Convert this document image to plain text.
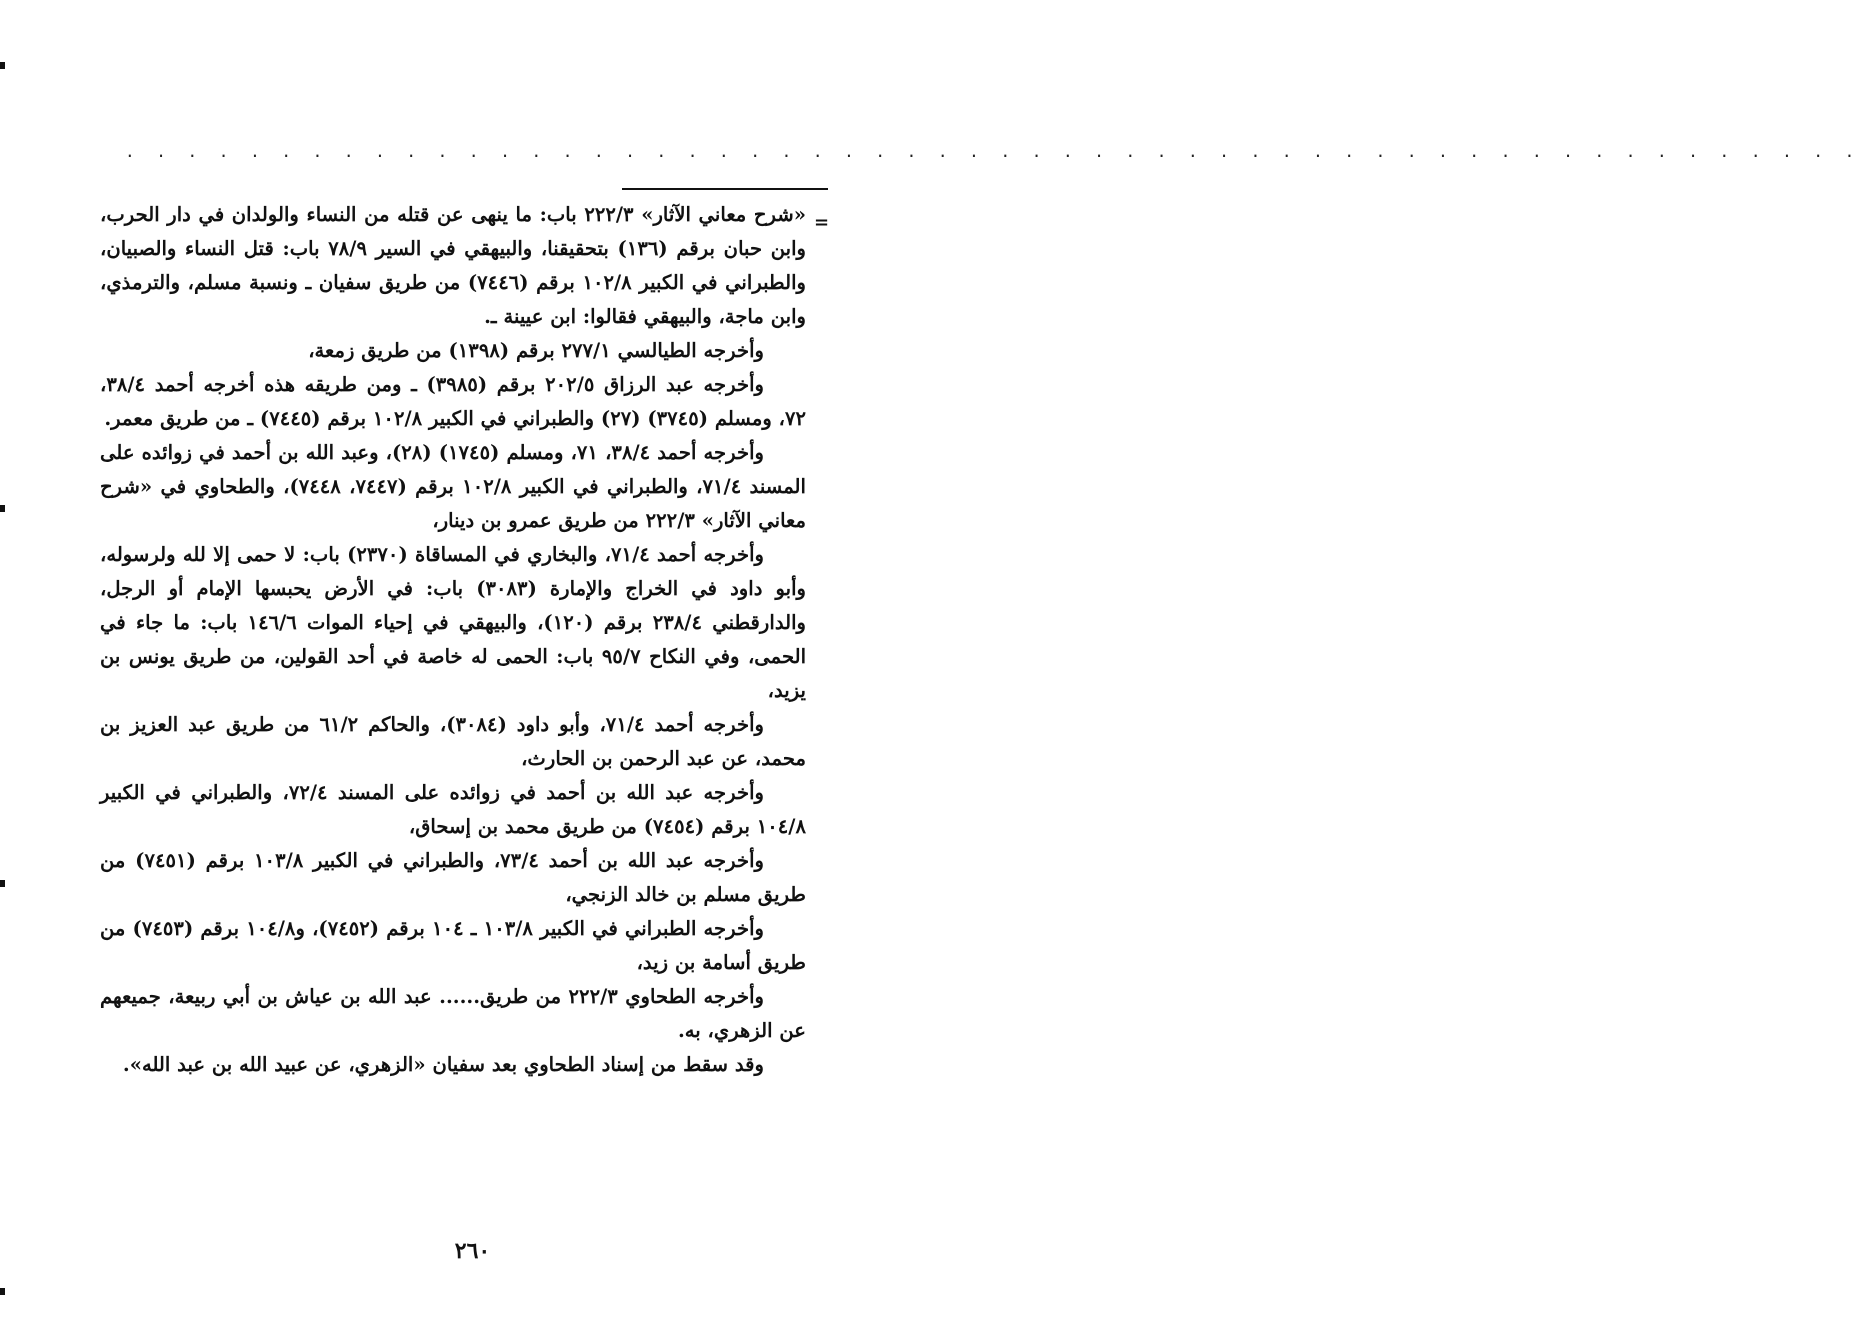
. . . . . . . . . . . . . . . . . . . . . . . . . . . . . . . . . . . . . . . . . . . . . . . . . . . . . . . .
=

«شرح معاني الآثار» ٢٢٢/٣ باب: ما ينهى عن قتله من النساء والولدان في دار الحرب، وابن حبان برقم (١٣٦) بتحقيقنا، والبيهقي في السير ٧٨/٩ باب: قتل النساء والصبيان، والطبراني في الكبير ١٠٢/٨ برقم (٧٤٤٦) من طريق سفيان ـ ونسبة مسلم، والترمذي، وابن ماجة، والبيهقي فقالوا: ابن عيينة ـ.

وأخرجه الطيالسي ٢٧٧/١ برقم (١٣٩٨) من طريق زمعة،

وأخرجه عبد الرزاق ٢٠٢/٥ برقم (٣٩٨٥) ـ ومن طريقه هذه أخرجه أحمد ٣٨/٤، ٧٢، ومسلم (٣٧٤٥) (٢٧) والطبراني في الكبير ١٠٢/٨ برقم (٧٤٤٥) ـ من طريق معمر.

وأخرجه أحمد ٣٨/٤، ٧١، ومسلم (١٧٤٥) (٢٨)، وعبد الله بن أحمد في زوائده على المسند ٧١/٤، والطبراني في الكبير ١٠٢/٨ برقم (٧٤٤٧، ٧٤٤٨)، والطحاوي في «شرح معاني الآثار» ٢٢٢/٣ من طريق عمرو بن دينار،

وأخرجه أحمد ٧١/٤، والبخاري في المساقاة (٢٣٧٠) باب: لا حمى إلا لله ولرسوله، وأبو داود في الخراج والإمارة (٣٠٨٣) باب: في الأرض يحبسها الإمام أو الرجل، والدارقطني ٢٣٨/٤ برقم (١٢٠)، والبيهقي في إحياء الموات ١٤٦/٦ باب: ما جاء في الحمى، وفي النكاح ٩٥/٧ باب: الحمى له خاصة في أحد القولين، من طريق يونس بن يزيد،

وأخرجه أحمد ٧١/٤، وأبو داود (٣٠٨٤)، والحاكم ٦١/٢ من طريق عبد العزيز بن محمد، عن عبد الرحمن بن الحارث،

وأخرجه عبد الله بن أحمد في زوائده على المسند ٧٢/٤، والطبراني في الكبير ١٠٤/٨ برقم (٧٤٥٤) من طريق محمد بن إسحاق،

وأخرجه عبد الله بن أحمد ٧٣/٤، والطبراني في الكبير ١٠٣/٨ برقم (٧٤٥١) من طريق مسلم بن خالد الزنجي،

وأخرجه الطبراني في الكبير ١٠٣/٨ ـ ١٠٤ برقم (٧٤٥٢)، و١٠٤/٨ برقم (٧٤٥٣) من طريق أسامة بن زيد،

وأخرجه الطحاوي ٢٢٢/٣ من طريق...... عبد الله بن عياش بن أبي ربيعة، جميعهم عن الزهري، به.

وقد سقط من إسناد الطحاوي بعد سفيان «الزهري، عن عبيد الله بن عبد الله».

٢٦٠
